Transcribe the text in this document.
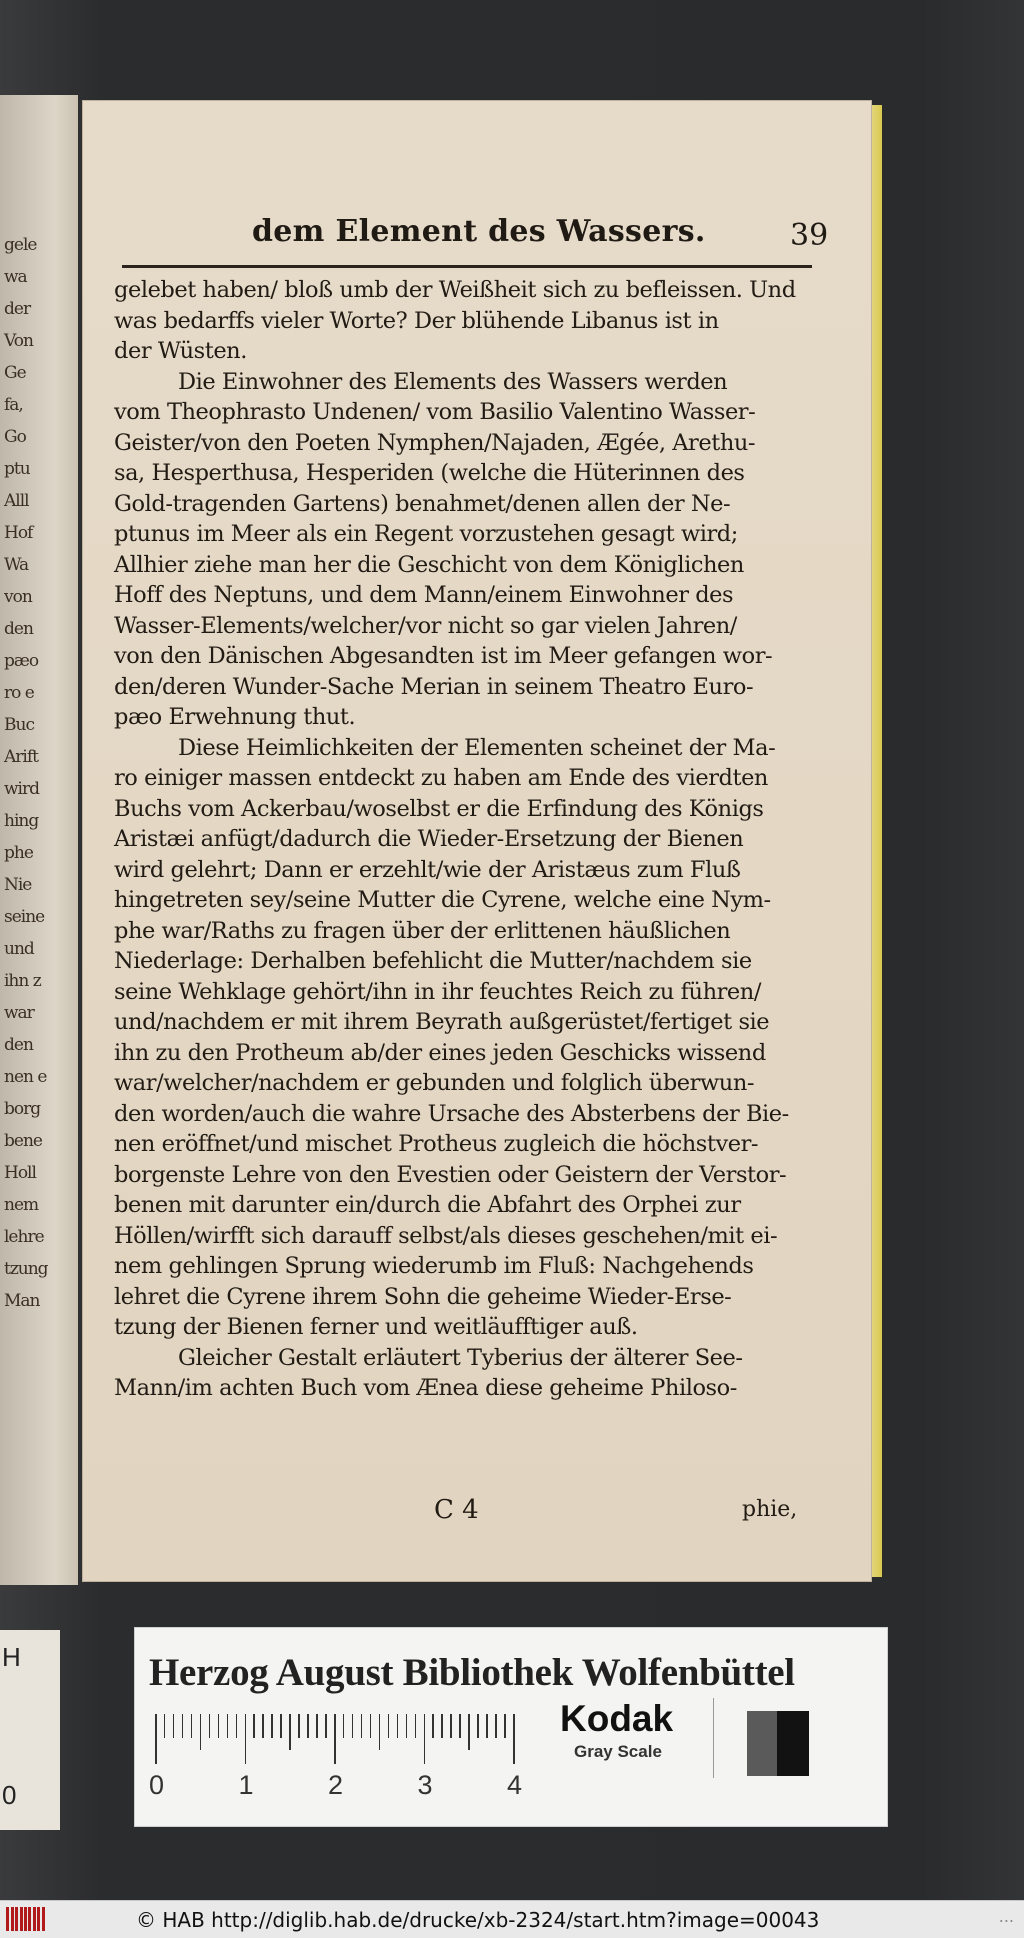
gele
wa
der
Von
Ge
fa,
Go
ptu
Alll
Hof
Wa
von
den
pæo
ro e
Buc
Arift
wird
hing
phe
Nie
seine
und
ihn z
war
den
nen e
borg
bene
Holl
nem
lehre
tzung
Man
H
0
dem Element des Wassers.	39
gelebet haben/ bloß umb der Weißheit sich zu befleissen. Und
was bedarffs vieler Worte? Der blühende Libanus ist in
der Wüsten.
Die Einwohner des Elements des Wassers werden
vom Theophrasto Undenen/ vom Basilio Valentino Wasser-
Geister/von den Poeten Nymphen/Najaden, Ægée, Arethu-
sa, Hesperthusa, Hesperiden (welche die Hüterinnen des
Gold-tragenden Gartens) benahmet/denen allen der Ne-
ptunus im Meer als ein Regent vorzustehen gesagt wird;
Allhier ziehe man her die Geschicht von dem Königlichen
Hoff des Neptuns, und dem Mann/einem Einwohner des
Wasser-Elements/welcher/vor nicht so gar vielen Jahren/
von den Dänischen Abgesandten ist im Meer gefangen wor-
den/deren Wunder-Sache Merian in seinem Theatro Euro-
pæo Erwehnung thut.
Diese Heimlichkeiten der Elementen scheinet der Ma-
ro einiger massen entdeckt zu haben am Ende des vierdten
Buchs vom Ackerbau/woselbst er die Erfindung des Königs
Aristæi anfügt/dadurch die Wieder-Ersetzung der Bienen
wird gelehrt; Dann er erzehlt/wie der Aristæus zum Fluß
hingetreten sey/seine Mutter die Cyrene, welche eine Nym-
phe war/Raths zu fragen über der erlittenen häußlichen
Niederlage: Derhalben befehlicht die Mutter/nachdem sie
seine Wehklage gehört/ihn in ihr feuchtes Reich zu führen/
und/nachdem er mit ihrem Beyrath außgerüstet/fertiget sie
ihn zu den Protheum ab/der eines jeden Geschicks wissend
war/welcher/nachdem er gebunden und folglich überwun-
den worden/auch die wahre Ursache des Absterbens der Bie-
nen eröffnet/und mischet Protheus zugleich die höchstver-
borgenste Lehre von den Evestien oder Geistern der Verstor-
benen mit darunter ein/durch die Abfahrt des Orphei zur
Höllen/wirfft sich darauff selbst/als dieses geschehen/mit ei-
nem gehlingen Sprung wiederumb im Fluß: Nachgehends
lehret die Cyrene ihrem Sohn die geheime Wieder-Erse-
tzung der Bienen ferner und weitläufftiger auß.
Gleicher Gestalt erläutert Tyberius der älterer See-
Mann/im achten Buch vom Ænea diese geheime Philoso-
C 4	phie,
Herzog August Bibliothek Wolfenbüttel
0	1	2	3	4
Kodak
Gray Scale
© HAB http://diglib.hab.de/drucke/xb-2324/start.htm?image=00043	...
